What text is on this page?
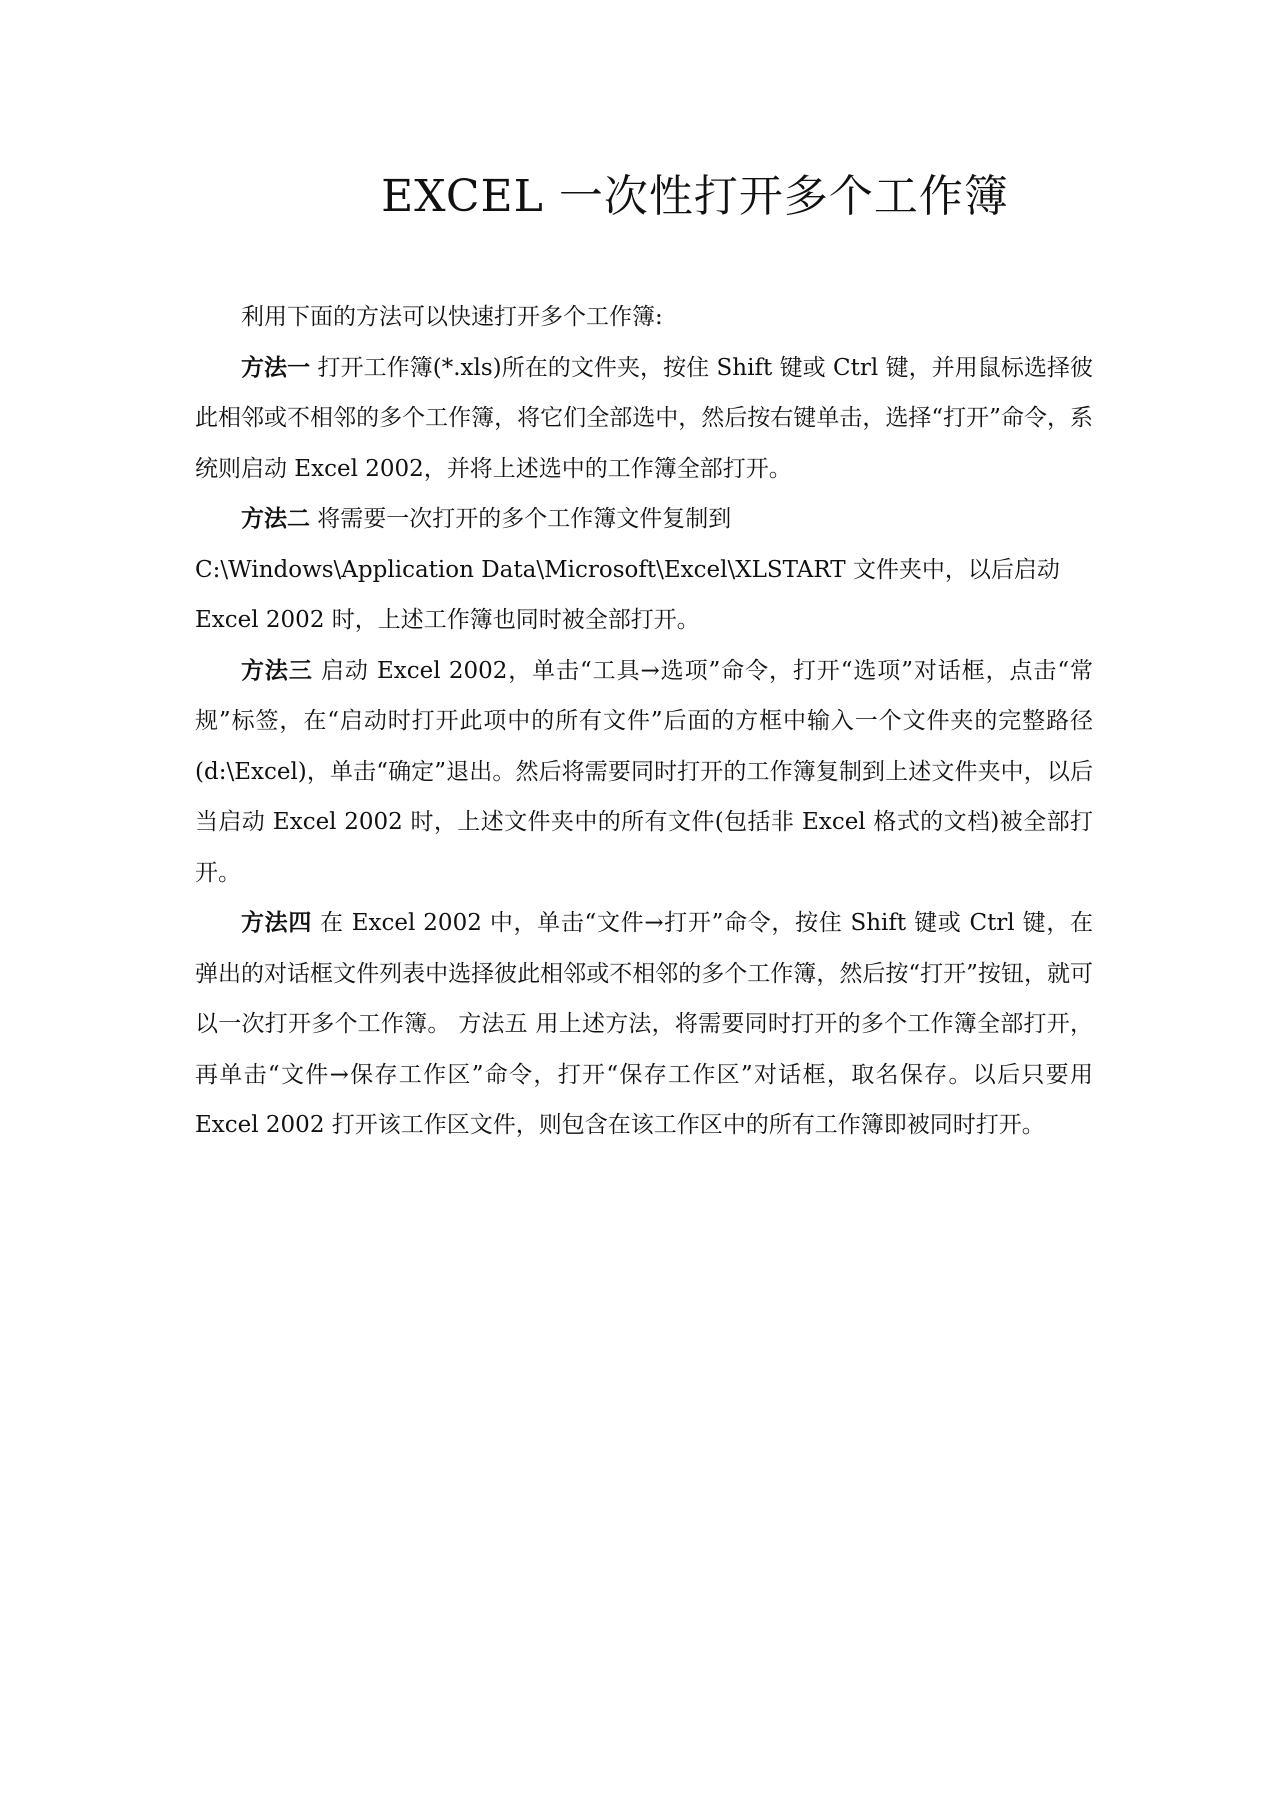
EXCEL 一次性打开多个工作簿

利用下面的方法可以快速打开多个工作簿:

方法一 打开工作簿(*.xls)所在的文件夹，按住 Shift 键或 Ctrl 键，并用鼠标选择彼此相邻或不相邻的多个工作簿，将它们全部选中，然后按右键单击，选择“打开”命令，系统则启动 Excel 2002，并将上述选中的工作簿全部打开。

方法二 将需要一次打开的多个工作簿文件复制到

C:\Windows\Application Data\Microsoft\Excel\XLSTART 文件夹中，以后启动
Excel 2002 时，上述工作簿也同时被全部打开。

方法三 启动 Excel 2002，单击“工具→选项”命令，打开“选项”对话框，点击“常规”标签，在“启动时打开此项中的所有文件”后面的方框中输入一个文件夹的完整路径(d:\Excel)，单击“确定”退出。然后将需要同时打开的工作簿复制到上述文件夹中，以后当启动 Excel 2002 时，上述文件夹中的所有文件(包括非 Excel 格式的文档)被全部打开。

方法四 在 Excel 2002 中，单击“文件→打开”命令，按住 Shift 键或 Ctrl 键，在弹出的对话框文件列表中选择彼此相邻或不相邻的多个工作簿，然后按“打开”按钮，就可以一次打开多个工作簿。 方法五 用上述方法，将需要同时打开的多个工作簿全部打开，再单击“文件→保存工作区”命令，打开“保存工作区”对话框，取名保存。以后只要用 Excel 2002 打开该工作区文件，则包含在该工作区中的所有工作簿即被同时打开。
